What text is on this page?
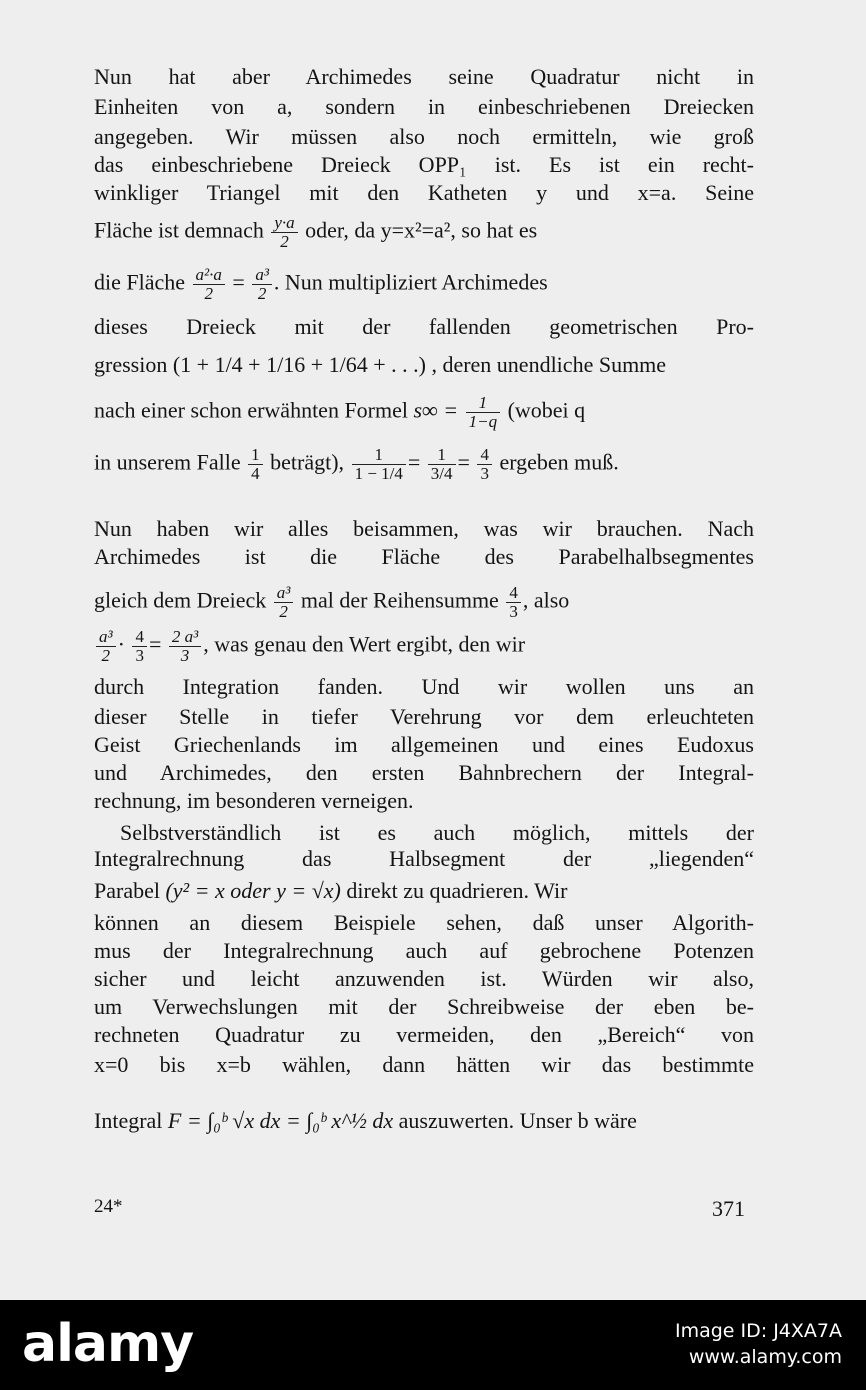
Nun hat aber Archimedes seine Quadratur nicht in
Einheiten von a, sondern in einbeschriebenen Dreiecken
angegeben. Wir müssen also noch ermitteln, wie groß
das einbeschriebene Dreieck OPP₁ ist. Es ist ein recht-
winkliger Triangel mit den Katheten y und x=a. Seine
Fläche ist demnach $\frac{y\cdot a}{2}$ oder, da y=x²=a², so hat es
die Fläche $\frac{\text{a²·a}}{2} = \frac{\text{a³}}{2}$ . Nun multipliziert Archimedes
dieses Dreieck mit der fallenden geometrischen Pro-
gression (1 + 1/4 + 1/16 + 1/64 + . . .) , deren unendliche Summe
nach einer schon erwähnten Formel $s\infty = \frac{1}{1-q}$ (wobei q
in unserem Falle $\frac{1}{4}$ beträgt), $\frac{1}{1 - 1/4} = \frac{1}{3/4} = \frac{4}{3}$ ergeben muß.
Nun haben wir alles beisammen, was wir brauchen. Nach
Archimedes ist die Fläche des Parabelhalbsegmentes
gleich dem Dreieck $\frac{\text{a³}}{2}$ mal der Reihensumme $\frac{4}{3}$ , also
$\frac{\text{a³}}{2} \cdot \frac{4}{3} = \frac{\text{2 a³}}{3}$ , was genau den Wert ergibt, den wir
durch Integration fanden. Und wir wollen uns an
dieser Stelle in tiefer Verehrung vor dem erleuchteten
Geist Griechenlands im allgemeinen und eines Eudoxus
und Archimedes, den ersten Bahnbrechern der Integral-
rechnung, im besonderen verneigen.
Selbstverständlich ist es auch möglich, mittels der
Integralrechnung das Halbsegment der „liegenden“
Parabel (y² = x oder y = √x) direkt zu quadrieren. Wir
können an diesem Beispiele sehen, daß unser Algorith-
mus der Integralrechnung auch auf gebrochene Potenzen
sicher und leicht anzuwenden ist. Würden wir also,
um Verwechslungen mit der Schreibweise der eben be-
rechneten Quadratur zu vermeiden, den „Bereich“ von
x=0 bis x=b wählen, dann hätten wir das bestimmte
Integral F = ∫₀ᵇ √x dx = ∫₀ᵇ x^½ dx auszuwerten. Unser b wäre
24*	371
alamy	Image ID: J4XA7A
www.alamy.com
